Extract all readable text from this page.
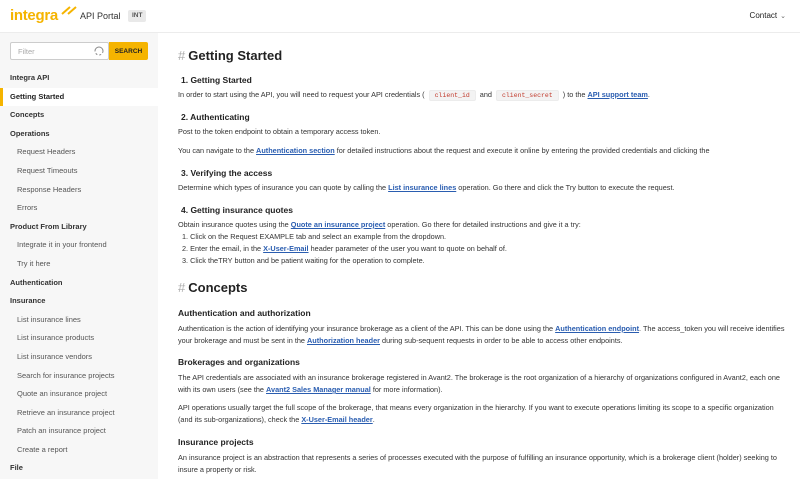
integra API Portal	INT	Contact ⌄
Filter
SEARCH
Integra API
Getting Started
Concepts
Operations
Request Headers
Request Timeouts
Response Headers
Errors
Product From Library
Integrate it in your frontend
Try it here
Authentication
Insurance
List insurance lines
List insurance products
List insurance vendors
Search for insurance projects
Quote an insurance project
Retrieve an insurance project
Patch an insurance project
Create a report
File
# Getting Started
1. Getting Started
In order to start using the API, you will need to request your API credentials ( client_id and client_secret ) to the API support team.
2. Authenticating
Post to the token endpoint to obtain a temporary access token.
You can navigate to the Authentication section for detailed instructions about the request and execute it online by entering the provided credentials and clicking the
3. Verifying the access
Determine which types of insurance you can quote by calling the List insurance lines operation. Go there and click the Try button to execute the request.
4. Getting insurance quotes
Obtain insurance quotes using the Quote an insurance project operation. Go there for detailed instructions and give it a try:
1. Click on the Request EXAMPLE tab and select an example from the dropdown.
2. Enter the email, in the X-User-Email header parameter of the user you want to quote on behalf of.
3. Click theTRY button and be patient waiting for the operation to complete.
# Concepts
Authentication and authorization
Authentication is the action of identifying your insurance brokerage as a client of the API. This can be done using the Authentication endpoint. The access_token you will receive identifies your brokerage and must be sent in the Authorization header during sub-sequent requests in order to be able to access other endpoints.
Brokerages and organizations
The API credentials are associated with an insurance brokerage registered in Avant2. The brokerage is the root organization of a hierarchy of organizations configured in Avant2, each one with its own users (see the Avant2 Sales Manager manual for more information).
API operations usually target the full scope of the brokerage, that means every organization in the hierarchy. If you want to execute operations limiting its scope to a specific organization (and its sub-organizations), check the X-User-Email header.
Insurance projects
An insurance project is an abstraction that represents a series of processes executed with the purpose of fulfilling an insurance opportunity, which is a brokerage client (holder) seeking to insure a property or risk.
